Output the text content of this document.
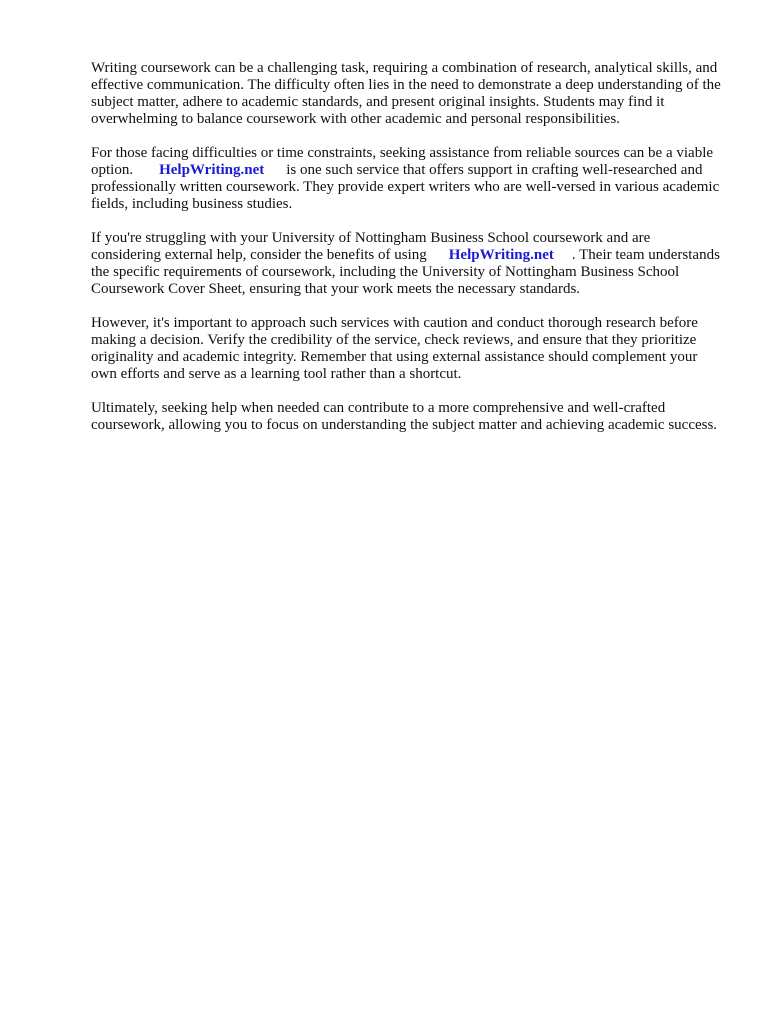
Writing coursework can be a challenging task, requiring a combination of research, analytical skills, and effective communication. The difficulty often lies in the need to demonstrate a deep understanding of the subject matter, adhere to academic standards, and present original insights. Students may find it overwhelming to balance coursework with other academic and personal responsibilities.

For those facing difficulties or time constraints, seeking assistance from reliable sources can be a viable option. HelpWriting.net is one such service that offers support in crafting well-researched and professionally written coursework. They provide expert writers who are well-versed in various academic fields, including business studies.

If you're struggling with your University of Nottingham Business School coursework and are considering external help, consider the benefits of using HelpWriting.net . Their team understands the specific requirements of coursework, including the University of Nottingham Business School Coursework Cover Sheet, ensuring that your work meets the necessary standards.

However, it's important to approach such services with caution and conduct thorough research before making a decision. Verify the credibility of the service, check reviews, and ensure that they prioritize originality and academic integrity. Remember that using external assistance should complement your own efforts and serve as a learning tool rather than a shortcut.

Ultimately, seeking help when needed can contribute to a more comprehensive and well-crafted coursework, allowing you to focus on understanding the subject matter and achieving academic success.
